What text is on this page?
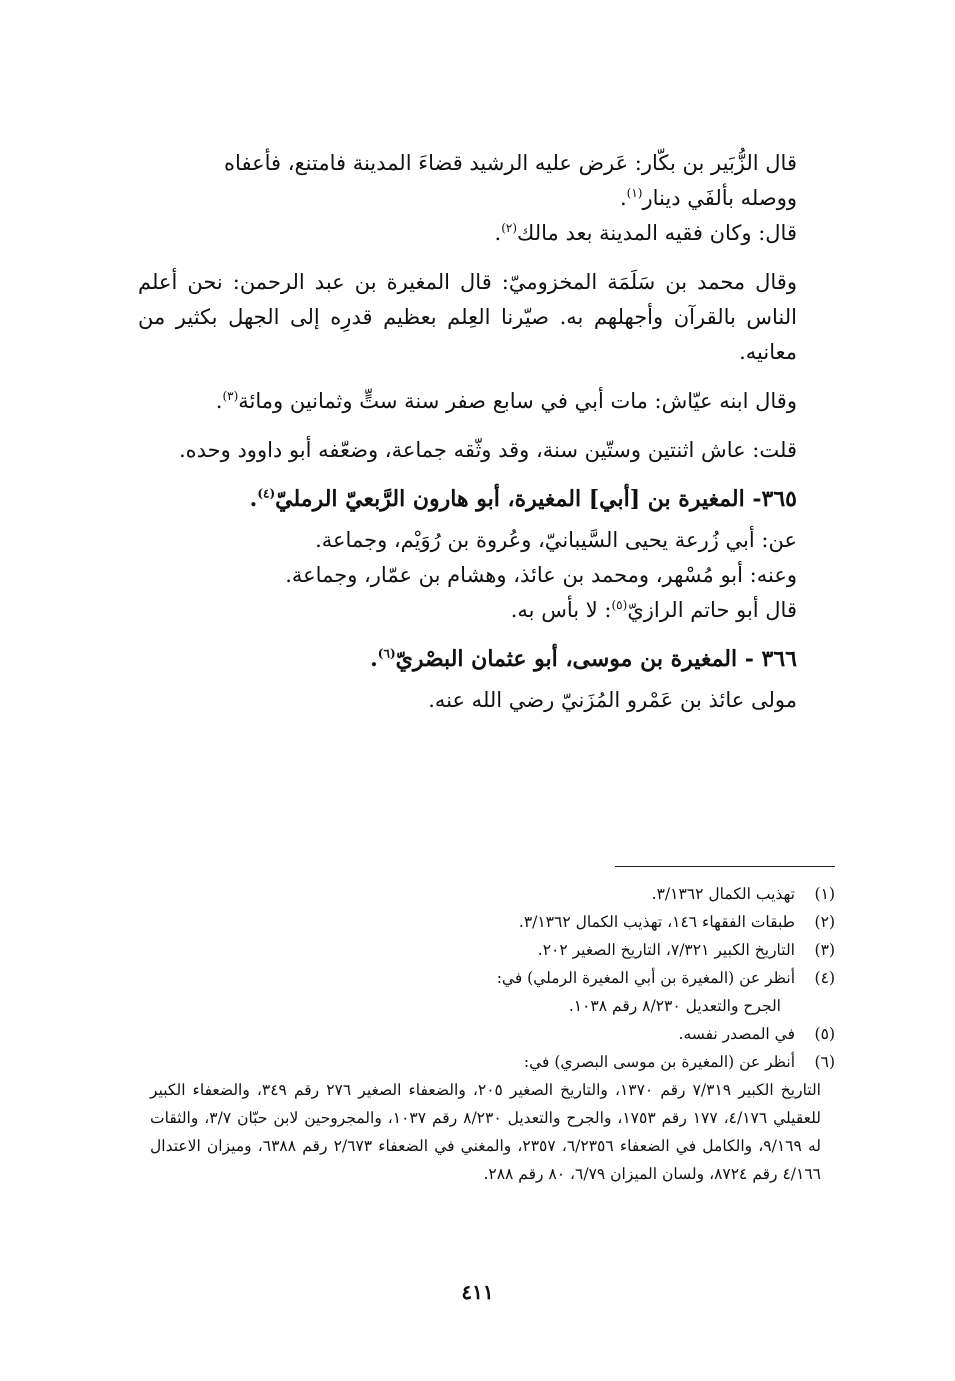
قال الزُّبَير بن بكّار: عَرض عليه الرشيد قضاءَ المدينة فامتنع، فأعفاه
ووصله بألفَي دينار$^{(١)}$.

قال: وكان فقيه المدينة بعد مالك$^{(٢)}$.

وقال محمد بن سَلَمَة المخزوميّ: قال المغيرة بن عبد الرحمن: نحن أعلم الناس بالقرآن وأجهلهم به. صيّرنا العِلم بعظيم قدرِه إلى الجهل بكثير من معانيه.

وقال ابنه عيّاش: مات أبي في سابع صفر سنة ستٍّ وثمانين ومائة$^{(٣)}$.

قلت: عاش اثنتين وستّين سنة، وقد وثّقه جماعة، وضعّفه أبو داوود وحده.

٣٦٥- المغيرة بن [أبي] المغيرة، أبو هارون الرَّبعيّ الرمليّ$^{(٤)}$.

عن: أبي زُرعة يحيى السَّيبانيّ، وعُروة بن رُوَيْم، وجماعة.

وعنه: أبو مُسْهر، ومحمد بن عائذ، وهشام بن عمّار، وجماعة.

قال أبو حاتم الرازيّ$^{(٥)}$: لا بأس به.

٣٦٦ - المغيرة بن موسى، أبو عثمان البصْريّ$^{(٦)}$.

مولى عائذ بن عَمْرو المُزَنيّ رضي الله عنه.

(١)
تهذيب الكمال ٣/١٣٦٢.
(٢)
طبقات الفقهاء ١٤٦، تهذيب الكمال ٣/١٣٦٢.
(٣)
التاريخ الكبير ٧/٣٢١، التاريخ الصغير ٢٠٢.
(٤)
أنظر عن (المغيرة بن أبي المغيرة الرملي) في:
الجرح والتعديل ٨/٢٣٠ رقم ١٠٣٨.
(٥)
في المصدر نفسه.
(٦)
أنظر عن (المغيرة بن موسى البصري) في:
التاريخ الكبير ٧/٣١٩ رقم ١٣٧٠، والتاريخ الصغير ٢٠٥، والضعفاء الصغير ٢٧٦ رقم ٣٤٩، والضعفاء الكبير للعقيلي ٤/١٧٦، ١٧٧ رقم ١٧٥٣، والجرح والتعديل ٨/٢٣٠ رقم ١٠٣٧، والمجروحين لابن حبّان ٣/٧، والثقات له ٩/١٦٩، والكامل في الضعفاء ٦/٢٣٥٦، ٢٣٥٧، والمغني في الضعفاء ٢/٦٧٣ رقم ٦٣٨٨، وميزان الاعتدال ٤/١٦٦ رقم ٨٧٢٤، ولسان الميزان ٦/٧٩، ٨٠ رقم ٢٨٨.
٤١١
